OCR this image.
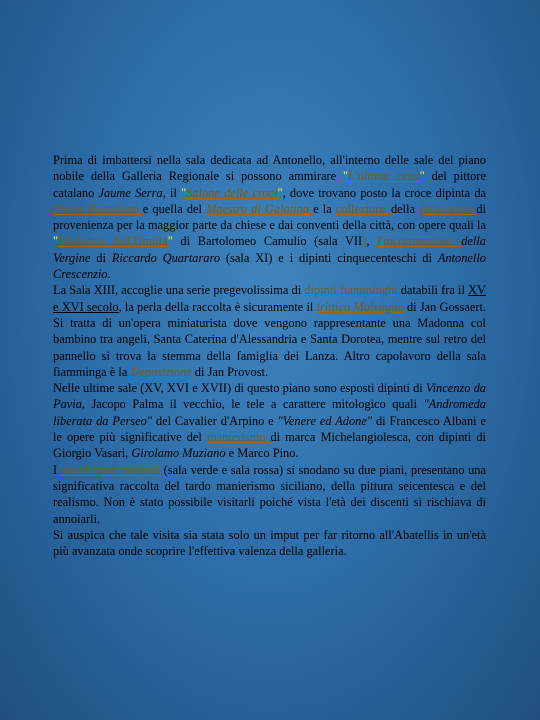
Prima di imbattersi nella sala dedicata ad Antonello, all'interno delle sale del piano nobile della Galleria Regionale si possono ammirare "L'ultima cena" del pittore catalano Jaume Serra, il "Salone delle croci", dove trovano posto la croce dipinta da Pietro Ruzzolone e quella del Maestro di Galatina e la collezione della pinacoteca di provenienza per la maggior parte da chiese e dai conventi della città, con opere quali la "Madonna dell'Umiltà" di Bartolomeo Camulio (sala VII), l'incoronazione della Vergine di Riccardo Quartararo (sala XI) e i dipinti cinquecenteschi di Antonello Crescenzio.

La Sala XIII, accoglie una serie pregevolissima di dipinti fiamminghi databili fra il XV e XVI secolo, la perla della raccolta è sicuramente il trittico Malvagna di Jan Gossaert. Si tratta di un'opera miniaturista dove vengono rappresentante una Madonna col bambino tra angeli, Santa Caterina d'Alessandria e Santa Dorotea, mentre sul retro del pannello si trova la stemma della famiglia dei Lanza. Altro capolavoro della sala fiamminga è la Deposizione di Jan Provost.

Nelle ultime sale (XV, XVI e XVII) di questo piano sono esposti dipinti di Vincenzo da Pavia, Jacopo Palma il vecchio, le tele a carattere mitologico quali "Andromeda liberata da Perseo" del Cavalier d'Arpino e "Venere ed Adone" di Francesco Albani e le opere più significative del manierismo di marca Michelangiolesca, con dipinti di Giorgio Vasari, Girolamo Muziano e Marco Pino.

I nuovi spazi museali (sala verde e sala rossa) si snodano su due piani, presentano una significativa raccolta del tardo manierismo siciliano, della pittura seicentesca e del realismo. Non è stato possibile visitarli poiché vista l'età dei discenti si rischiava di annoiarli.

Si auspica che tale visita sia stata solo un imput per far ritorno all'Abatellis in un'età più avanzata onde scoprire l'effettiva valenza della galleria.
